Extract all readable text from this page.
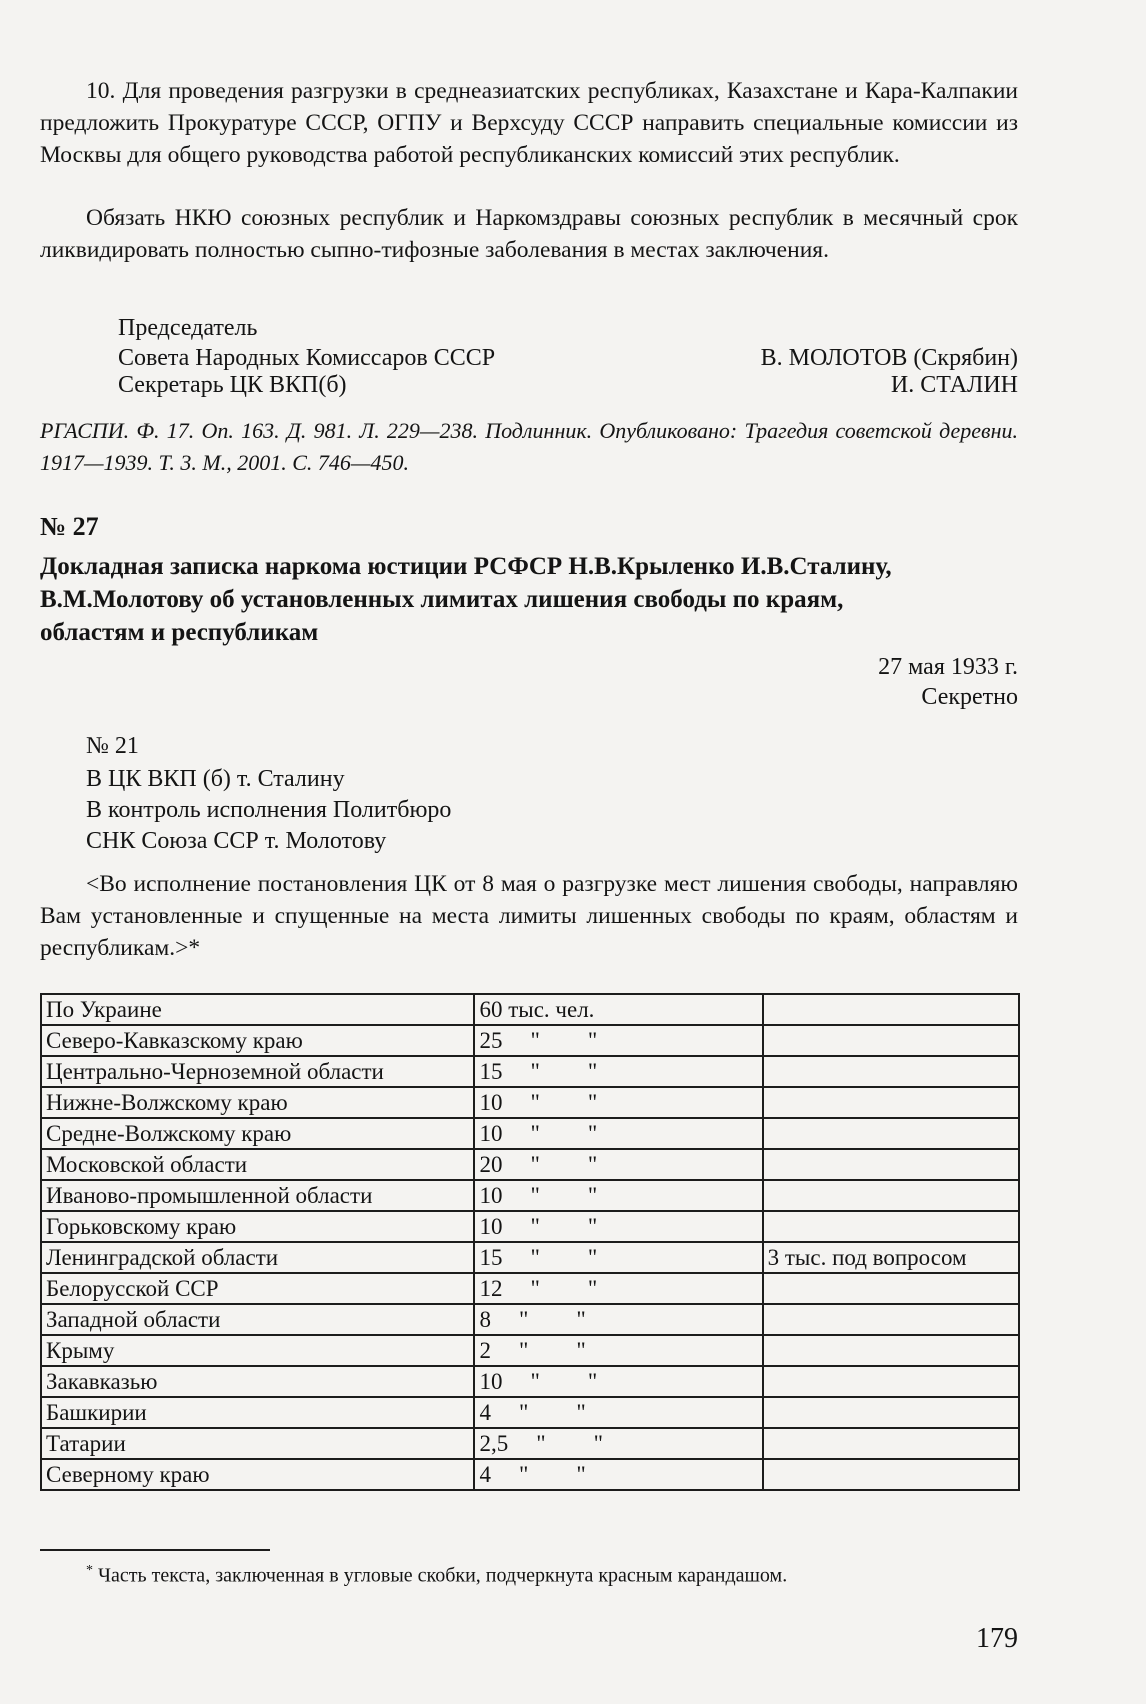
10. Для проведения разгрузки в среднеазиатских республиках, Казахстане и Кара-Калпакии предложить Прокуратуре СССР, ОГПУ и Верхсуду СССР направить специальные комиссии из Москвы для общего руководства работой республиканских комиссий этих республик.

Обязать НКЮ союзных республик и Наркомздравы союзных республик в месячный срок ликвидировать полностью сыпно-тифозные заболевания в местах заключения.

Председатель
Совета Народных Комиссаров СССР	В. МОЛОТОВ (Скрябин)
Секретарь ЦК ВКП(б)	И. СТАЛИН

РГАСПИ. Ф. 17. Оп. 163. Д. 981. Л. 229—238. Подлинник. Опубликовано: Трагедия советской деревни. 1917—1939. Т. 3. М., 2001. С. 746—450.

№ 27
Докладная записка наркома юстиции РСФСР Н.В.Крыленко И.В.Сталину, В.М.Молотову об установленных лимитах лишения свободы по краям, областям и республикам
27 мая 1933 г.
Секретно
№ 21
В ЦК ВКП (б) т. Сталину
В контроль исполнения Политбюро
СНК Союза ССР т. Молотову

<Во исполнение постановления ЦК от 8 мая о разгрузке мест лишения свободы, направляю Вам установленные и спущенные на места лимиты лишенных свободы по краям, областям и республикам.>*

По Украине	60 тыс. чел.	
Северо-Кавказскому краю	25 " "	
Центрально-Черноземной области	15 " "	
Нижне-Волжскому краю	10 " "	
Средне-Волжскому краю	10 " "	
Московской области	20 " "	
Иваново-промышленной области	10 " "	
Горьковскому краю	10 " "	
Ленинградской области	15 " "	3 тыс. под вопросом
Белорусской ССР	12 " "	
Западной области	8 " "	
Крыму	2 " "	
Закавказью	10 " "	
Башкирии	4 " "	
Татарии	2,5 " "	
Северному краю	4 " "	
* Часть текста, заключенная в угловые скобки, подчеркнута красным карандашом.
179
